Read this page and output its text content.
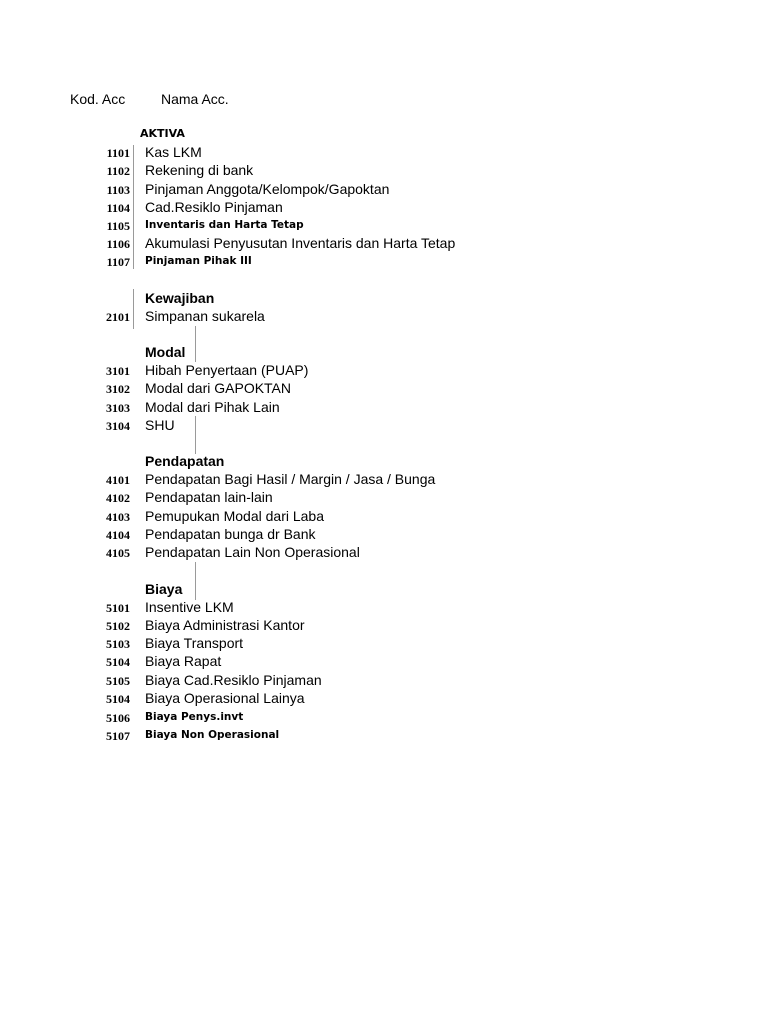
Kod. Acc	Nama Acc.
AKTIVA
1101 Kas LKM
1102 Rekening di bank
1103 Pinjaman Anggota/Kelompok/Gapoktan
1104 Cad.Resiklo Pinjaman
1105 Inventaris dan Harta Tetap
1106 Akumulasi Penyusutan Inventaris dan Harta Tetap
1107 Pinjaman Pihak III
Kewajiban
2101 Simpanan sukarela
Modal
3101 Hibah Penyertaan (PUAP)
3102 Modal dari GAPOKTAN
3103 Modal dari Pihak Lain
3104 SHU
Pendapatan
4101 Pendapatan Bagi Hasil / Margin / Jasa / Bunga
4102 Pendapatan lain-lain
4103 Pemupukan Modal dari Laba
4104 Pendapatan bunga dr Bank
4105 Pendapatan Lain Non Operasional
Biaya
5101 Insentive LKM
5102 Biaya Administrasi Kantor
5103 Biaya Transport
5104 Biaya Rapat
5105 Biaya Cad.Resiklo Pinjaman
5104 Biaya Operasional Lainya
5106 Biaya Penys.invt
5107 Biaya Non Operasional
